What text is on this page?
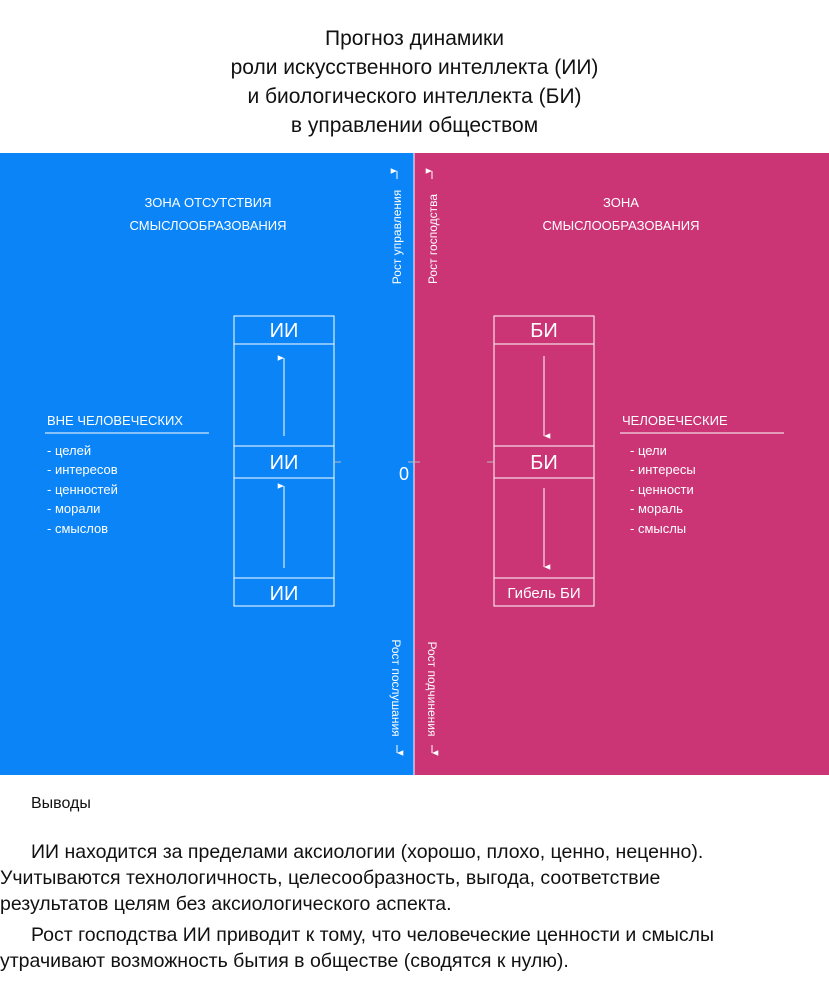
Прогноз динамики
роли искусственного интеллекта (ИИ)
и биологического интеллекта (БИ)
в управлении обществом
ЗОНА ОТСУТСТВИЯ
СМЫСЛООБРАЗОВАНИЯ
ЗОНА
СМЫСЛООБРАЗОВАНИЯ
ВНЕ ЧЕЛОВЕЧЕСКИХ
- целей
- интересов
- ценностей
- морали
- смыслов
ЧЕЛОВЕЧЕСКИЕ
- цели
- интересы
- ценности
- мораль
- смыслы
ИИ
ИИ
ИИ
БИ
БИ
Гибель БИ
0
Рост управления Рост господства
Рост послушания Рост подчинения
Выводы
ИИ находится за пределами аксиологии (хорошо, плохо, ценно, неценно).
Учитываются технологичность, целесообразность, выгода, соответствие
результатов целям без аксиологического аспекта.
Рост господства ИИ приводит к тому, что человеческие ценности и смыслы
утрачивают возможность бытия в обществе (сводятся к нулю).
